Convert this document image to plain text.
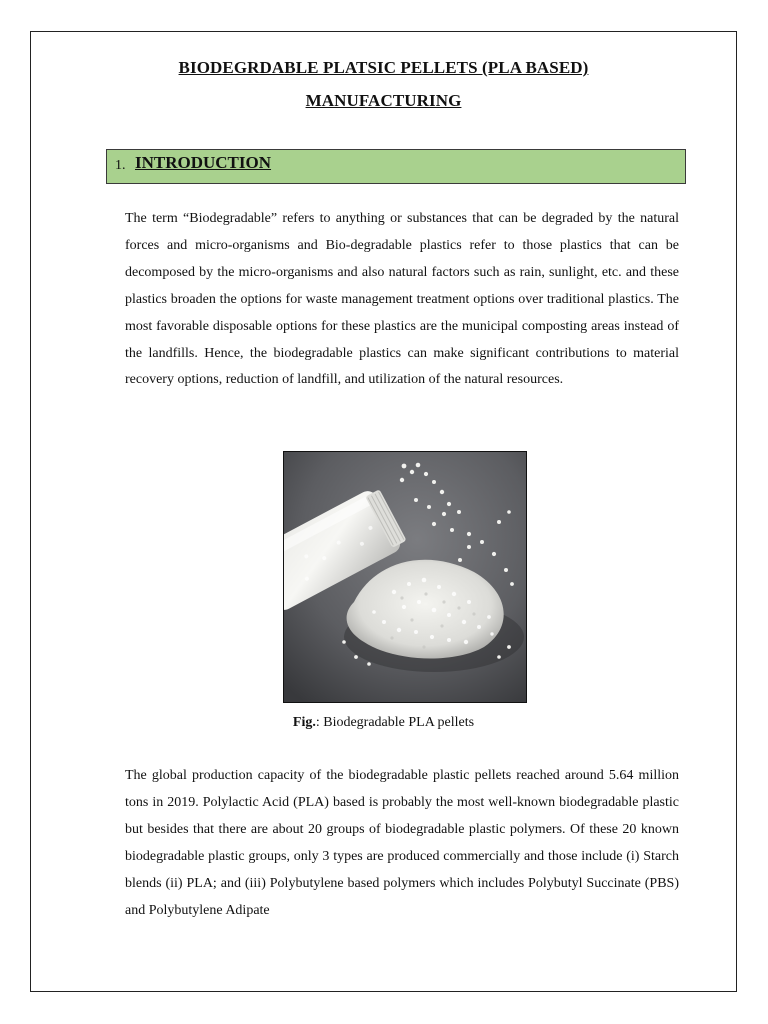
BIODEGRDABLE PLATSIC PELLETS (PLA BASED)
MANUFACTURING
1. INTRODUCTION

The term “Biodegradable” refers to anything or substances that can be degraded by the natural forces and micro-organisms and Bio-degradable plastics refer to those plastics that can be decomposed by the micro-organisms and also natural factors such as rain, sunlight, etc. and these plastics broaden the options for waste management treatment options over traditional plastics. The most favorable disposable options for these plastics are the municipal composting areas instead of the landfills. Hence, the biodegradable plastics can make significant contributions to material recovery options, reduction of landfill, and utilization of the natural resources.

Fig.: Biodegradable PLA pellets

The global production capacity of the biodegradable plastic pellets reached around 5.64 million tons in 2019. Polylactic Acid (PLA) based is probably the most well-known biodegradable plastic but besides that there are about 20 groups of biodegradable plastic polymers. Of these 20 known biodegradable plastic groups, only 3 types are produced commercially and those include (i) Starch blends (ii) PLA; and (iii) Polybutylene based polymers which includes Polybutyl Succinate (PBS) and Polybutylene Adipate
